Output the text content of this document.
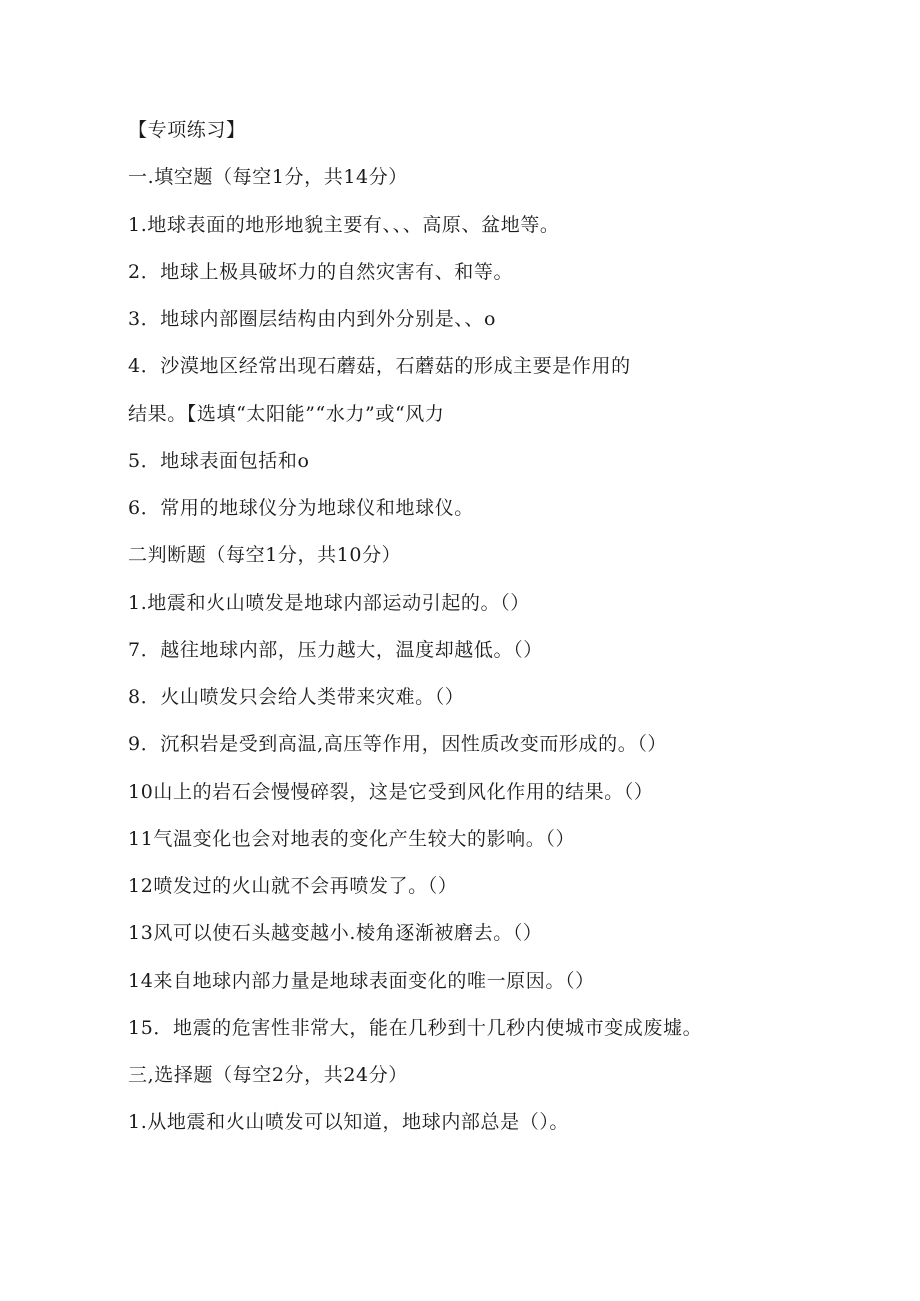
【专项练习】

一.填空题（每空1分，共14分）

1.地球表面的地形地貌主要有、、、高原、盆地等。

2．地球上极具破坏力的自然灾害有、和等。

3．地球内部圈层结构由内到外分别是、、o

4．沙漠地区经常出现石蘑菇，石蘑菇的形成主要是作用的

结果。【选填“太阳能”“水力”或“风力

5．地球表面包括和o

6．常用的地球仪分为地球仪和地球仪。

二判断题（每空1分，共10分）

1.地震和火山喷发是地球内部运动引起的。（）

7．越往地球内部，压力越大，温度却越低。（）

8．火山喷发只会给人类带来灾难。（）

9．沉积岩是受到高温,高压等作用，因性质改变而形成的。（）

10山上的岩石会慢慢碎裂，这是它受到风化作用的结果。（）

11气温变化也会对地表的变化产生较大的影响。（）

12喷发过的火山就不会再喷发了。（）

13风可以使石头越变越小.棱角逐渐被磨去。（）

14来自地球内部力量是地球表面变化的唯一原因。（）

15．地震的危害性非常大，能在几秒到十几秒内使城市变成废墟。

三,选择题（每空2分，共24分）

1.从地震和火山喷发可以知道，地球内部总是（）。
